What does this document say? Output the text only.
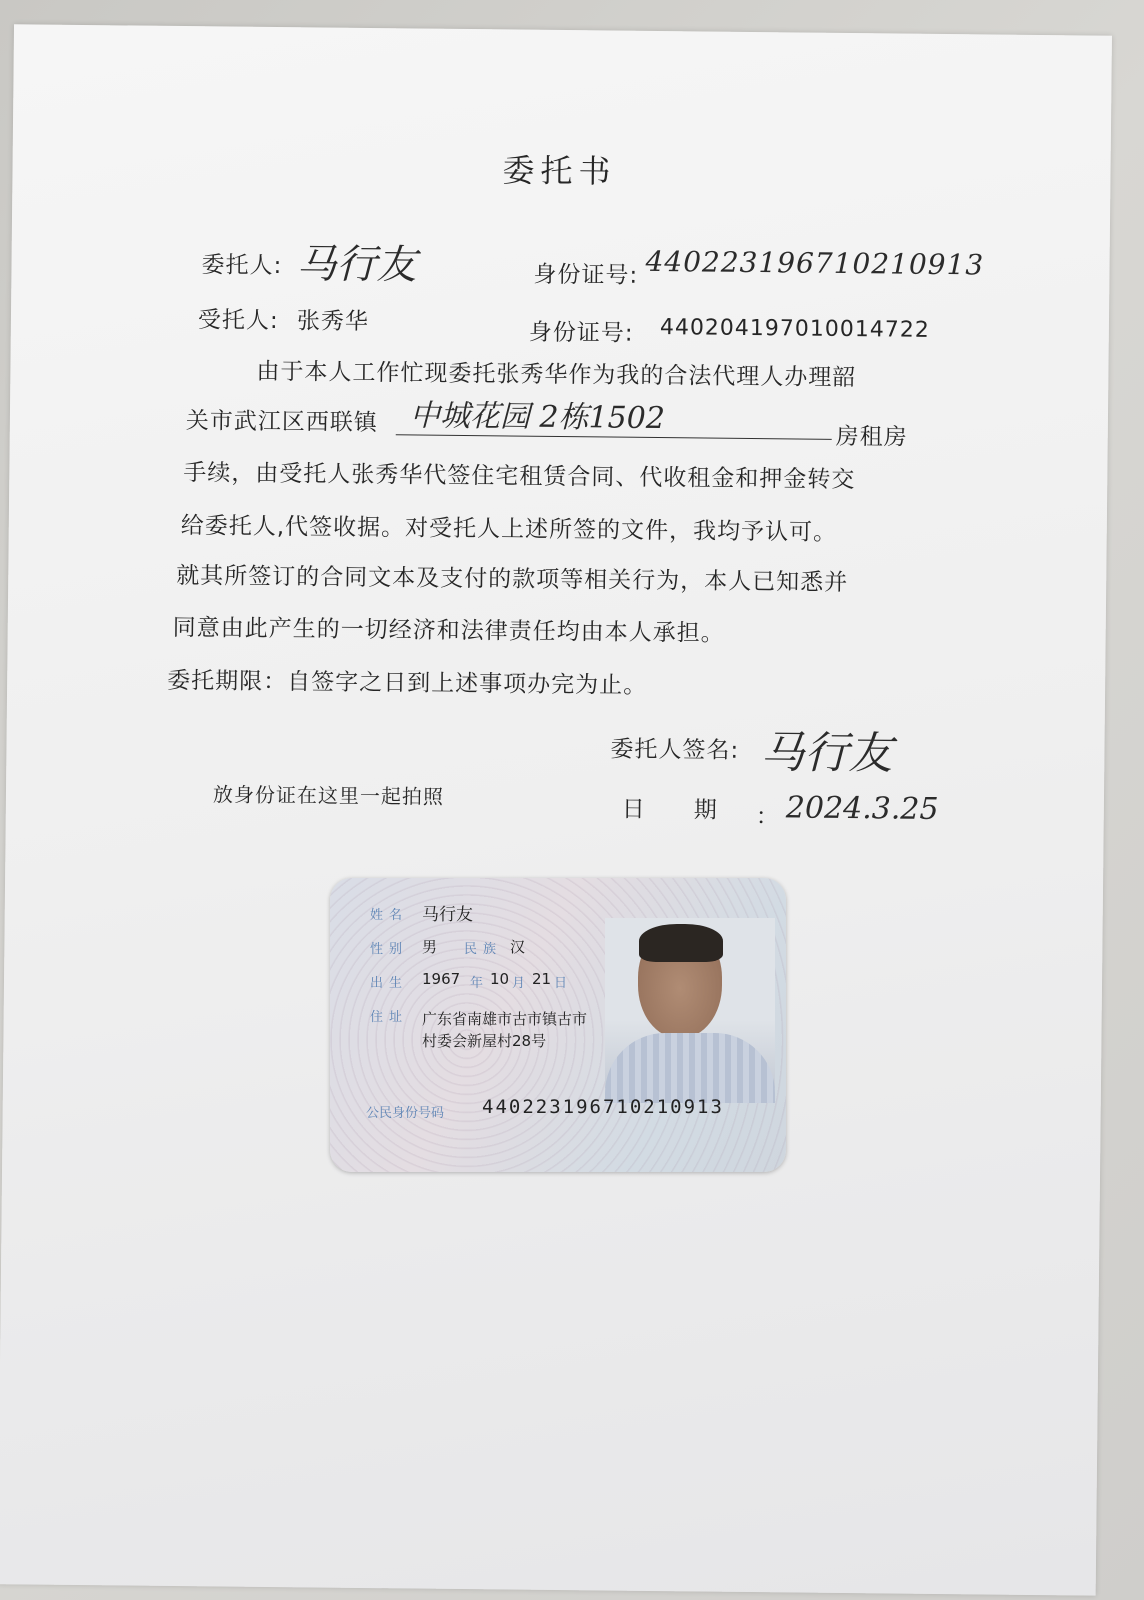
委托书
委托人: 马行友	身份证号: 440223196710210913
受托人: 张秀华	身份证号: 440204197010014722
由于本人工作忙现委托张秀华作为我的合法代理人办理韶
关市武江区西联镇 中城花园 2栋1502
房租房
手续，由受托人张秀华代签住宅租赁合同、代收租金和押金转交
给委托人,代签收据。对受托人上述所签的文件，我均予认可。
就其所签订的合同文本及支付的款项等相关行为，本人已知悉并
同意由此产生的一切经济和法律责任均由本人承担。
委托期限：自签字之日到上述事项办完为止。
委托人签名: 马行友
放身份证在这里一起拍照
日　　期 ： 2024.3.25
姓名 马行友
性别 男 民族 汉
出生 1967 年 10 月 21 日
住址 广东省南雄市古市镇古市
村委会新屋村28号
公民身份号码 440223196710210913
